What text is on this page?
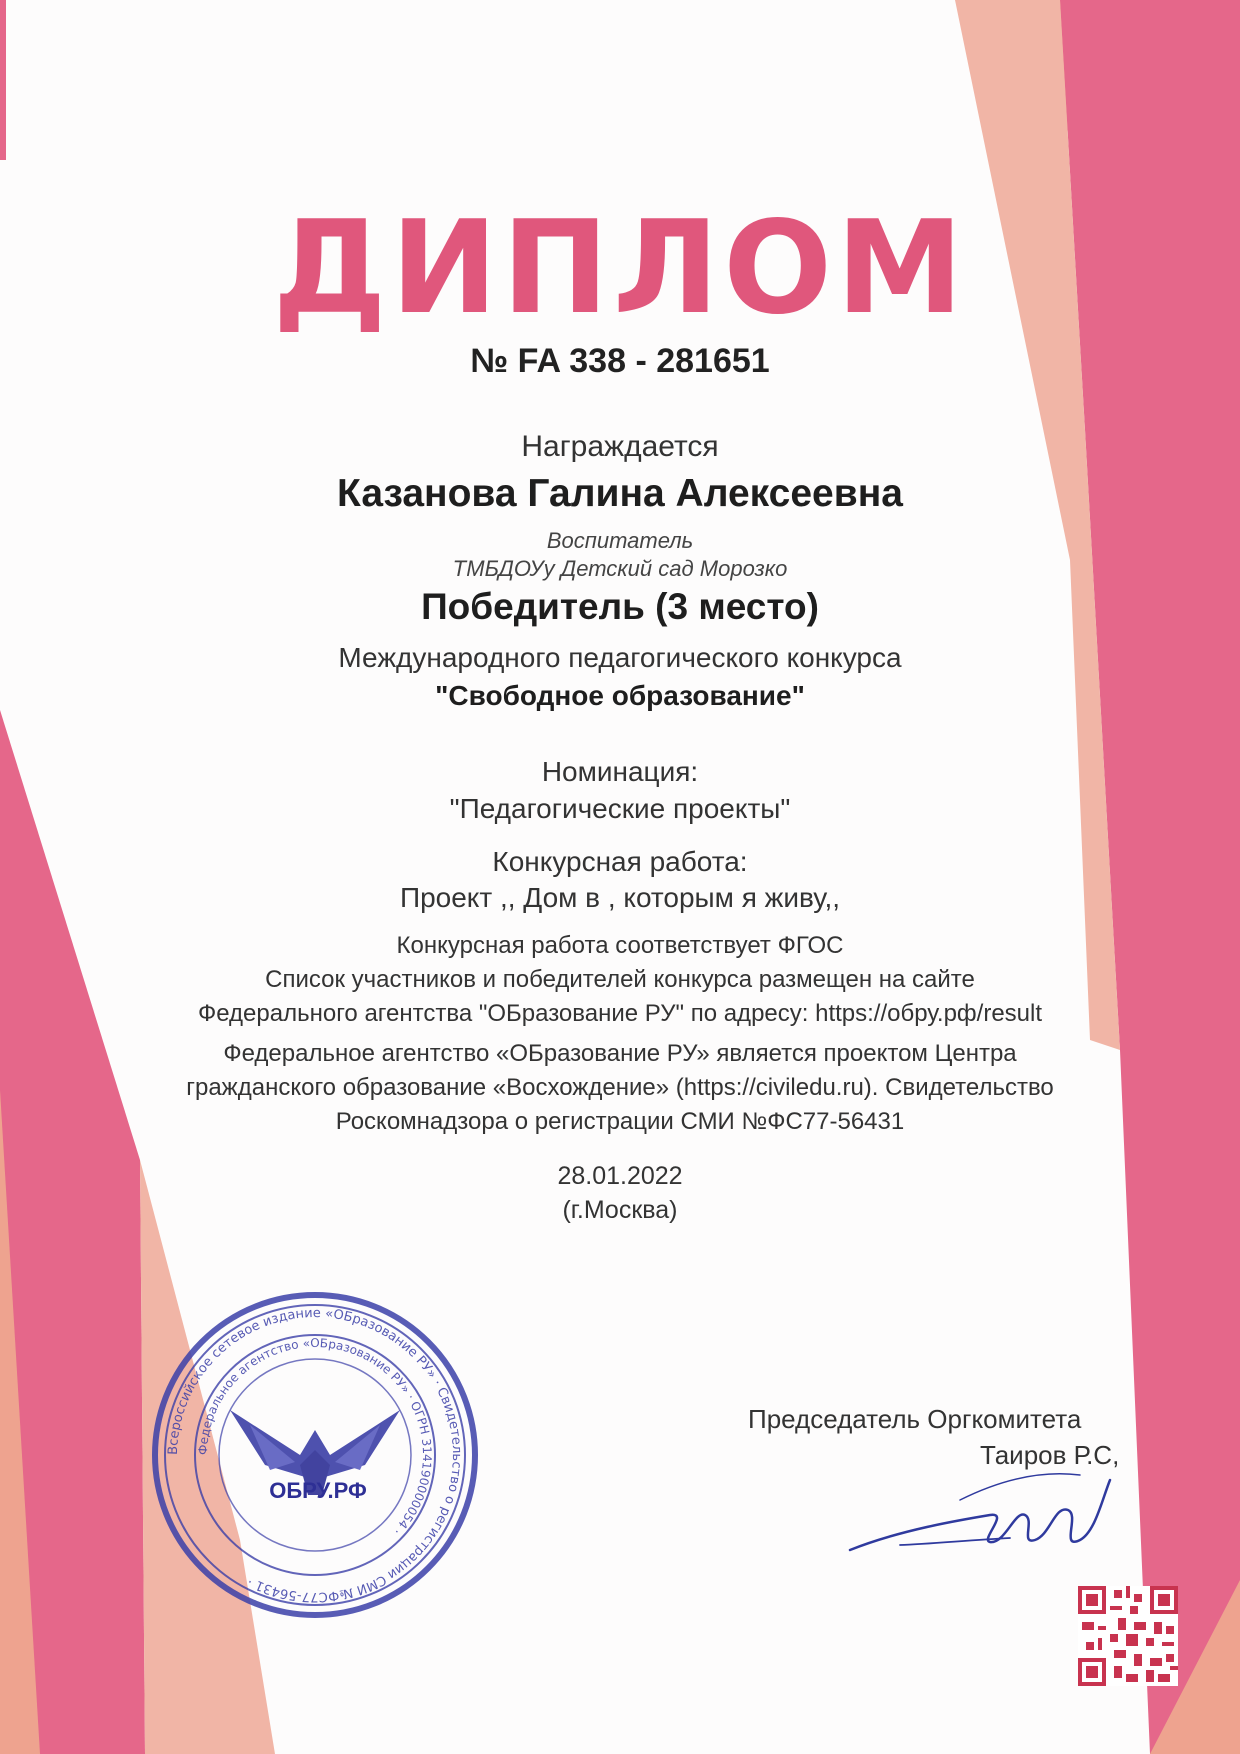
ДИПЛОМ
№ FA 338 - 281651
Награждается
Казанова Галина Алексеевна
Воспитатель
ТМБДОУу Детский сад Морозко
Победитель (3 место)
Международного педагогического конкурса
"Свободное образование"
Номинация:
"Педагогические проекты"
Конкурсная работа:
Проект ,, Дом в , которым я живу,,
Конкурсная работа соответствует ФГОС
Список участников и победителей конкурса размещен на сайте
Федерального агентства "ОБразование РУ" по адресу: https://обру.рф/result
Федеральное агентство «ОБразование РУ» является проектом Центра
гражданского образование «Восхождение» (https://civiledu.ru). Свидетельство
Роскомнадзора о регистрации СМИ №ФС77-56431
28.01.2022
(г.Москва)
Всероссийское сетевое издание «ОБразование РУ» · Свидетельство о регистрации СМИ №ФС77-56431 ·
Федеральное агентство «ОБразование РУ» · ОГРН 314190000054 ·
ОБРУ.РФ
Председатель Оргкомитета
Таиров Р.С,
